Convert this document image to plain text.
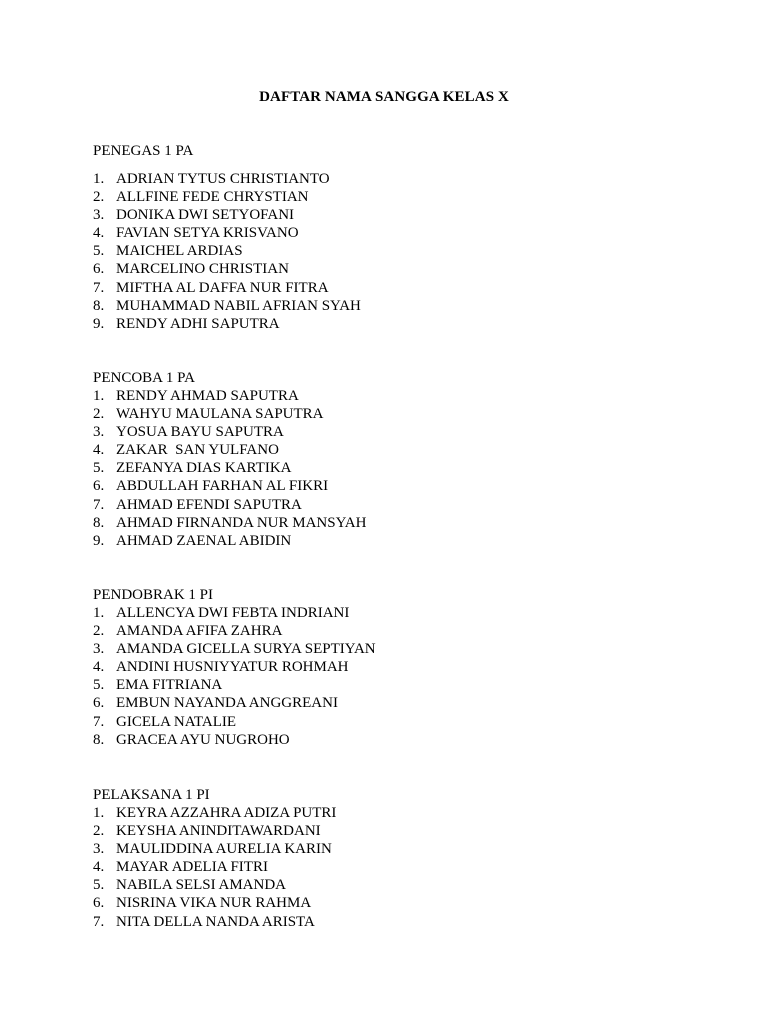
DAFTAR NAMA SANGGA KELAS X
PENEGAS 1 PA
1. ADRIAN TYTUS CHRISTIANTO
2. ALLFINE FEDE CHRYSTIAN
3. DONIKA DWI SETYOFANI
4. FAVIAN SETYA KRISVANO
5. MAICHEL ARDIAS
6. MARCELINO CHRISTIAN
7. MIFTHA AL DAFFA NUR FITRA
8. MUHAMMAD NABIL AFRIAN SYAH
9. RENDY ADHI SAPUTRA
PENCOBA 1 PA
1. RENDY AHMAD SAPUTRA
2. WAHYU MAULANA SAPUTRA
3. YOSUA BAYU SAPUTRA
4. ZAKAR  SAN YULFANO
5. ZEFANYA DIAS KARTIKA
6. ABDULLAH FARHAN AL FIKRI
7. AHMAD EFENDI SAPUTRA
8. AHMAD FIRNANDA NUR MANSYAH
9. AHMAD ZAENAL ABIDIN
PENDOBRAK 1 PI
1. ALLENCYA DWI FEBTA INDRIANI
2. AMANDA AFIFA ZAHRA
3. AMANDA GICELLA SURYA SEPTIYAN
4. ANDINI HUSNIYYATUR ROHMAH
5. EMA FITRIANA
6. EMBUN NAYANDA ANGGREANI
7. GICELA NATALIE
8. GRACEA AYU NUGROHO
PELAKSANA 1 PI
1. KEYRA AZZAHRA ADIZA PUTRI
2. KEYSHA ANINDITAWARDANI
3. MAULIDDINA AURELIA KARIN
4. MAYAR ADELIA FITRI
5. NABILA SELSI AMANDA
6. NISRINA VIKA NUR RAHMA
7. NITA DELLA NANDA ARISTA
